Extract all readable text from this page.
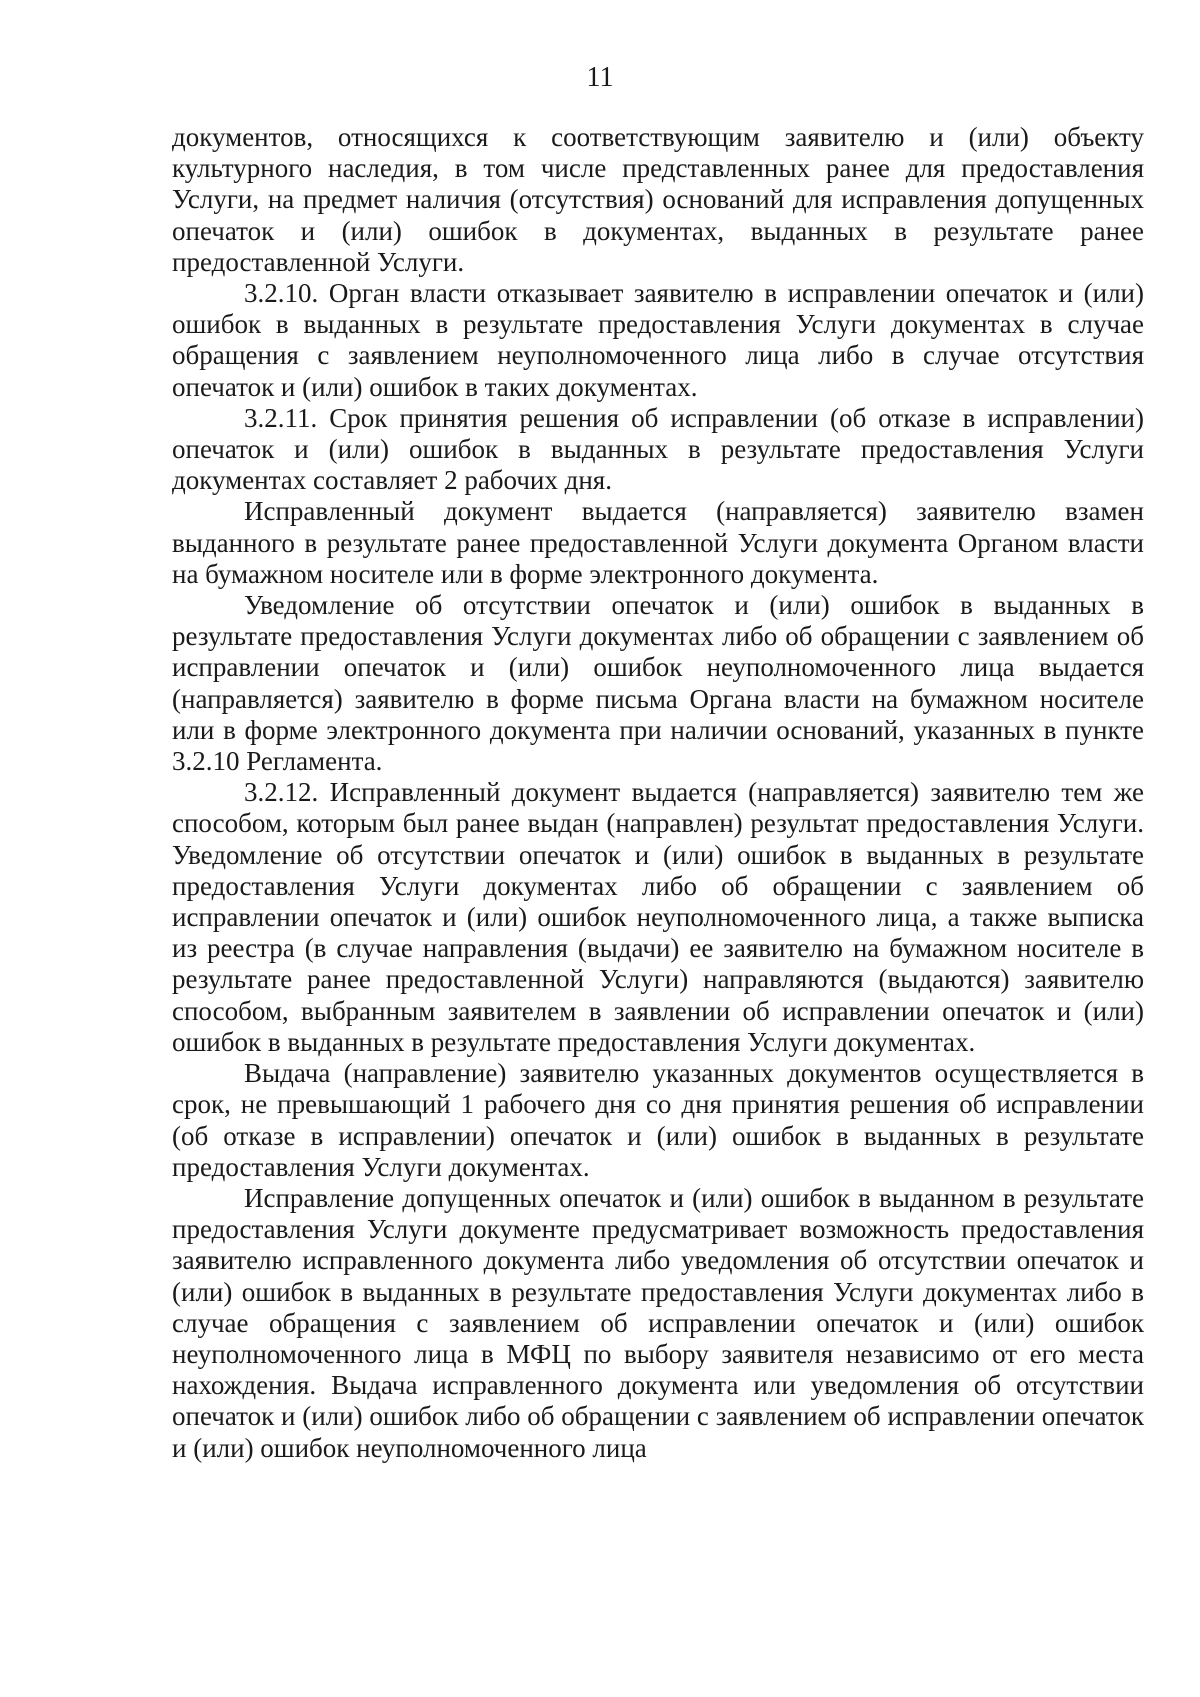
11

документов, относящихся к соответствующим заявителю и (или) объекту культурного наследия, в том числе представленных ранее для предоставления Услуги, на предмет наличия (отсутствия) оснований для исправления допущенных опечаток и (или) ошибок в документах, выданных в результате ранее предоставленной Услуги.

3.2.10. Орган власти отказывает заявителю в исправлении опечаток и (или) ошибок в выданных в результате предоставления Услуги документах в случае обращения с заявлением неуполномоченного лица либо в случае отсутствия опечаток и (или) ошибок в таких документах.

3.2.11. Срок принятия решения об исправлении (об отказе в исправлении) опечаток и (или) ошибок в выданных в результате предоставления Услуги документах составляет 2 рабочих дня.

Исправленный документ выдается (направляется) заявителю взамен выданного в результате ранее предоставленной Услуги документа Органом власти на бумажном носителе или в форме электронного документа.

Уведомление об отсутствии опечаток и (или) ошибок в выданных в результате предоставления Услуги документах либо об обращении с заявлением об исправлении опечаток и (или) ошибок неуполномоченного лица выдается (направляется) заявителю в форме письма Органа власти на бумажном носителе или в форме электронного документа при наличии оснований, указанных в пункте 3.2.10 Регламента.

3.2.12. Исправленный документ выдается (направляется) заявителю тем же способом, которым был ранее выдан (направлен) результат предоставления Услуги. Уведомление об отсутствии опечаток и (или) ошибок в выданных в результате предоставления Услуги документах либо об обращении с заявлением об исправлении опечаток и (или) ошибок неуполномоченного лица, а также выписка из реестра (в случае направления (выдачи) ее заявителю на бумажном носителе в результате ранее предоставленной Услуги) направляются (выдаются) заявителю способом, выбранным заявителем в заявлении об исправлении опечаток и (или) ошибок в выданных в результате предоставления Услуги документах.

Выдача (направление) заявителю указанных документов осуществляется в срок, не превышающий 1 рабочего дня со дня принятия решения об исправлении (об отказе в исправлении) опечаток и (или) ошибок в выданных в результате предоставления Услуги документах.

Исправление допущенных опечаток и (или) ошибок в выданном в результате предоставления Услуги документе предусматривает возможность предоставления заявителю исправленного документа либо уведомления об отсутствии опечаток и (или) ошибок в выданных в результате предоставления Услуги документах либо в случае обращения с заявлением об исправлении опечаток и (или) ошибок неуполномоченного лица в МФЦ по выбору заявителя независимо от его места нахождения. Выдача исправленного документа или уведомления об отсутствии опечаток и (или) ошибок либо об обращении с заявлением об исправлении опечаток и (или) ошибок неуполномоченного лица
